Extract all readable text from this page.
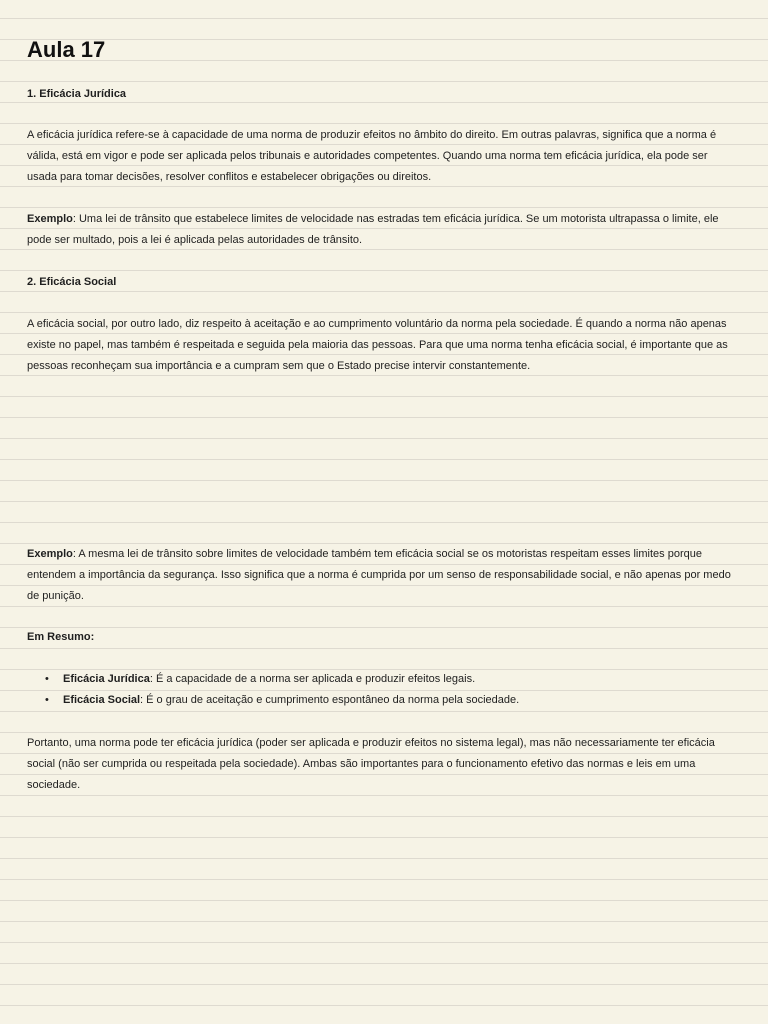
Aula 17
1. Eficácia Jurídica
A eficácia jurídica refere-se à capacidade de uma norma de produzir efeitos no âmbito do direito. Em outras palavras, significa que a norma é válida, está em vigor e pode ser aplicada pelos tribunais e autoridades competentes. Quando uma norma tem eficácia jurídica, ela pode ser usada para tomar decisões, resolver conflitos e estabelecer obrigações ou direitos.
Exemplo: Uma lei de trânsito que estabelece limites de velocidade nas estradas tem eficácia jurídica. Se um motorista ultrapassa o limite, ele pode ser multado, pois a lei é aplicada pelas autoridades de trânsito.
2. Eficácia Social
A eficácia social, por outro lado, diz respeito à aceitação e ao cumprimento voluntário da norma pela sociedade. É quando a norma não apenas existe no papel, mas também é respeitada e seguida pela maioria das pessoas. Para que uma norma tenha eficácia social, é importante que as pessoas reconheçam sua importância e a cumpram sem que o Estado precise intervir constantemente.
Exemplo: A mesma lei de trânsito sobre limites de velocidade também tem eficácia social se os motoristas respeitam esses limites porque entendem a importância da segurança. Isso significa que a norma é cumprida por um senso de responsabilidade social, e não apenas por medo de punição.
Em Resumo:
• Eficácia Jurídica: É a capacidade de a norma ser aplicada e produzir efeitos legais.
• Eficácia Social: É o grau de aceitação e cumprimento espontâneo da norma pela sociedade.
Portanto, uma norma pode ter eficácia jurídica (poder ser aplicada e produzir efeitos no sistema legal), mas não necessariamente ter eficácia social (não ser cumprida ou respeitada pela sociedade). Ambas são importantes para o funcionamento efetivo das normas e leis em uma sociedade.
